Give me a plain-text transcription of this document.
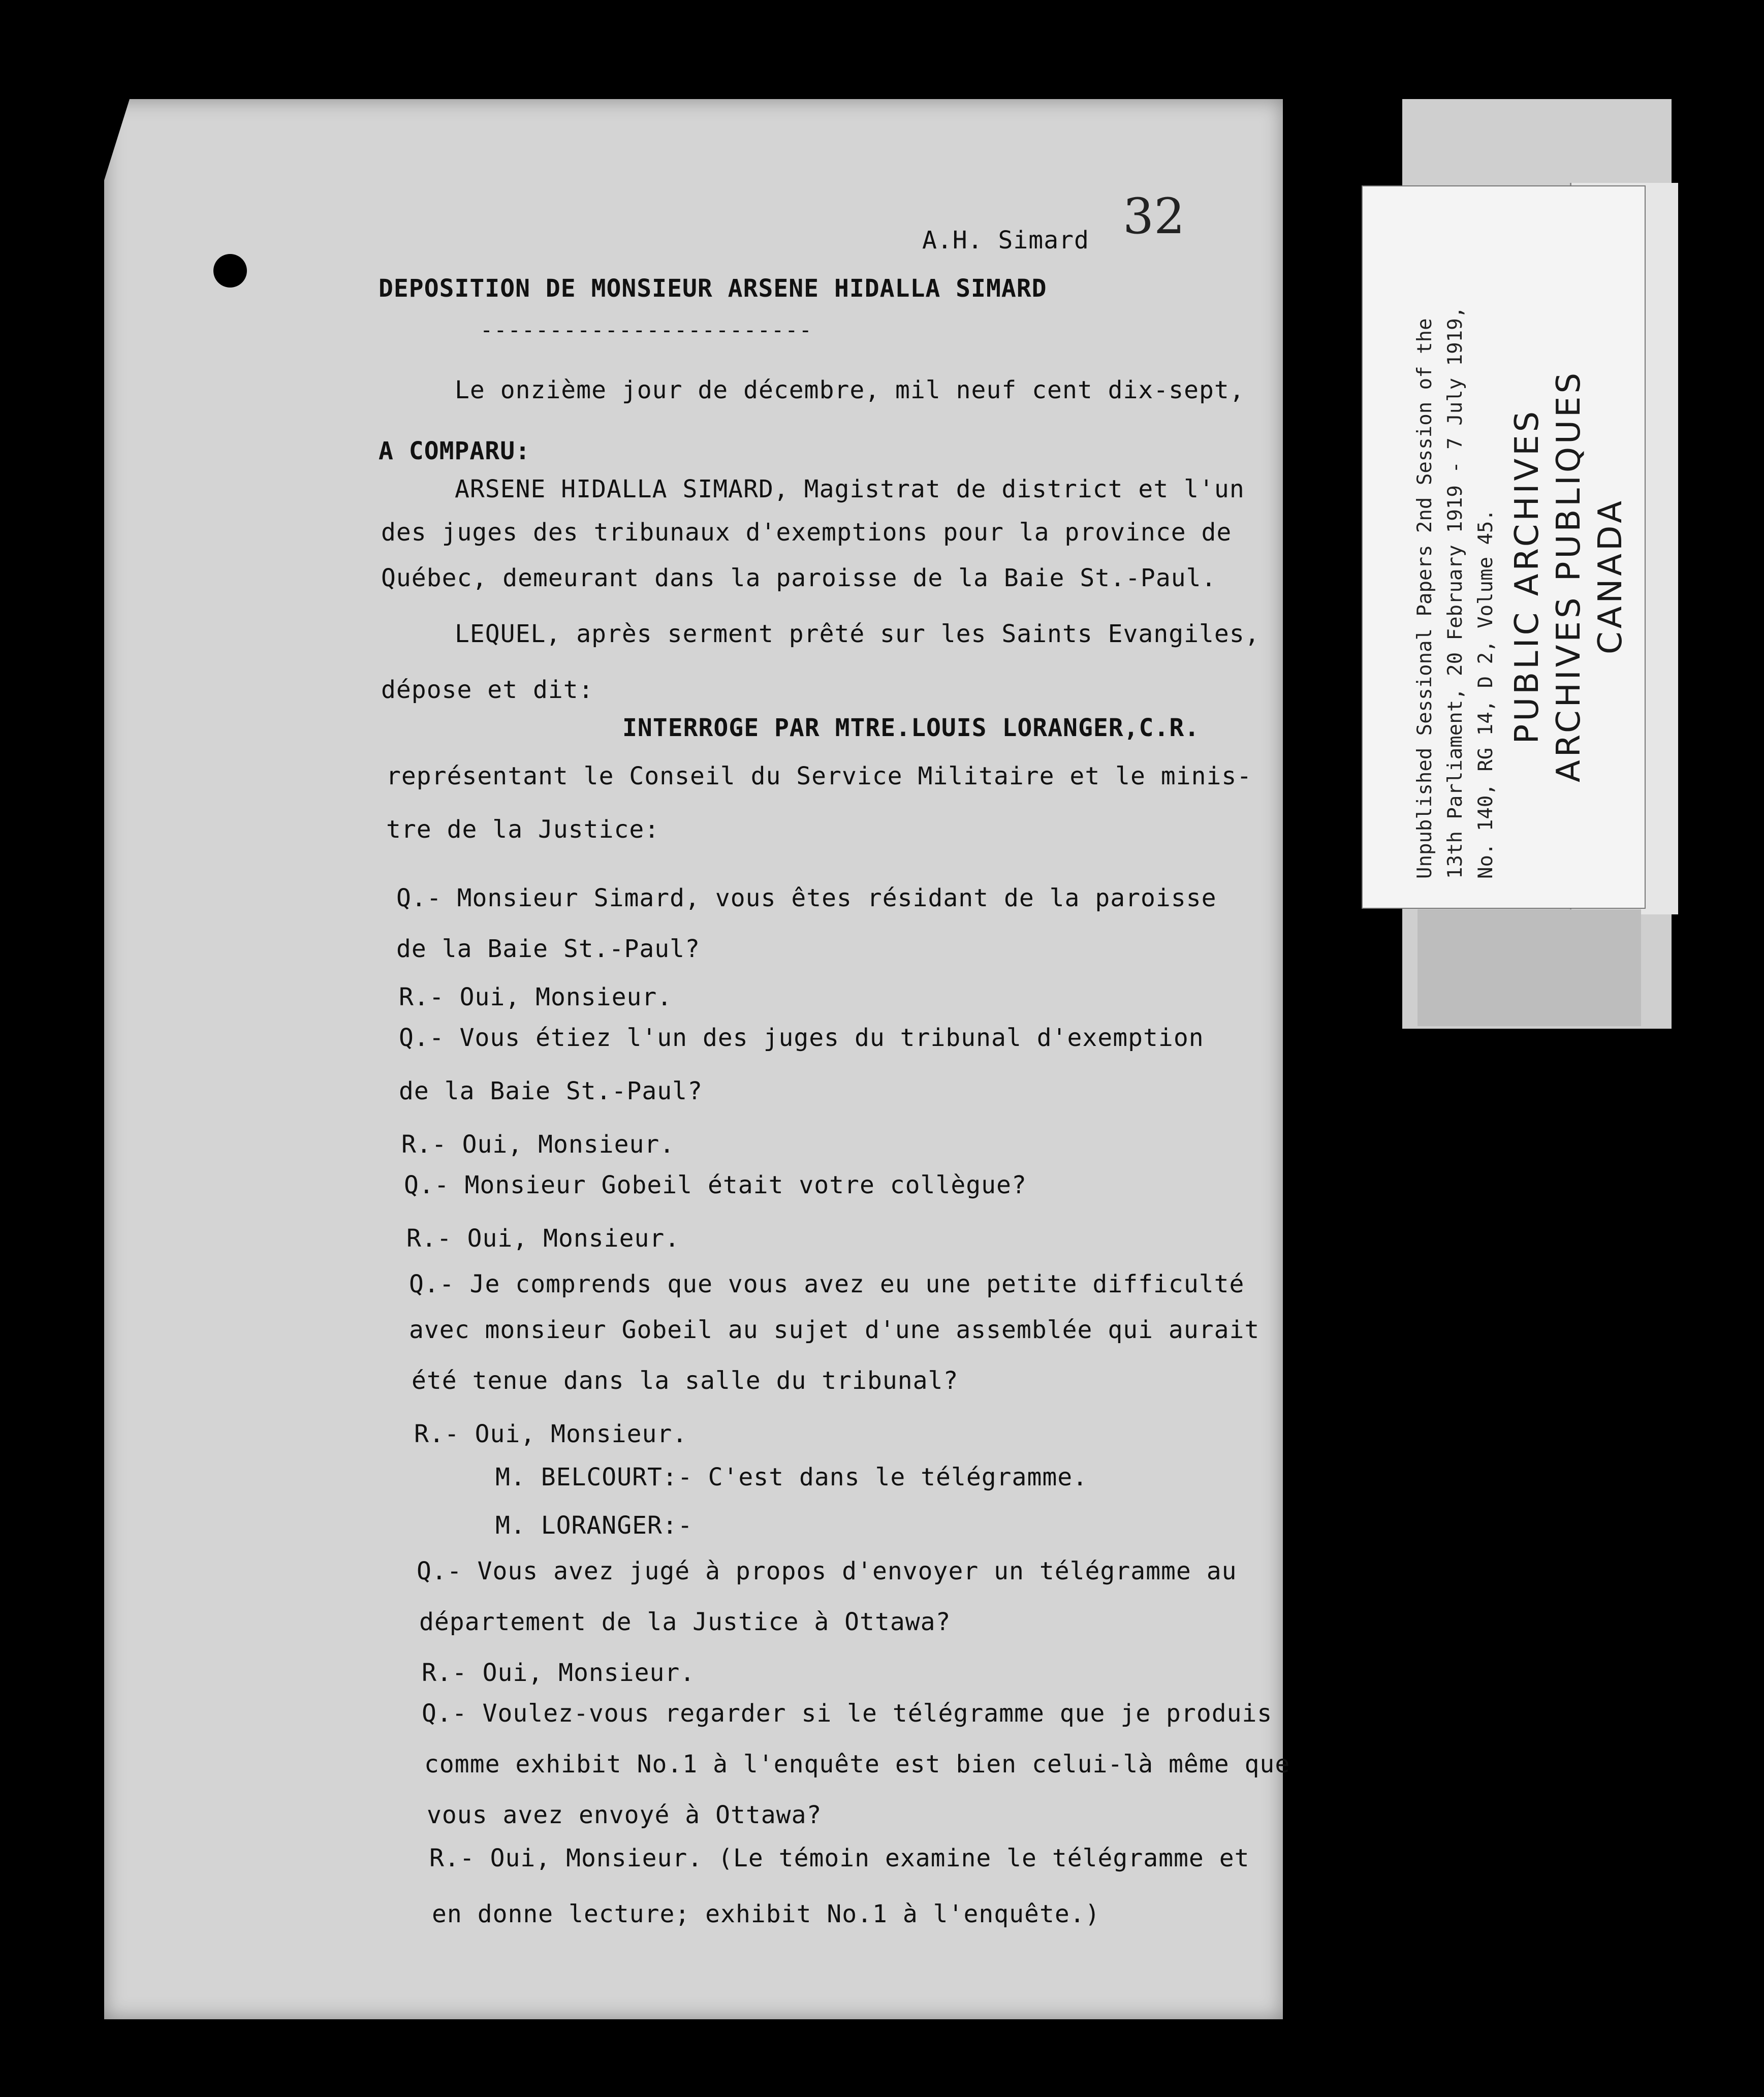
32
A.H. Simard
DEPOSITION DE MONSIEUR ARSENE HIDALLA SIMARD
------------------------
Le onzième jour de décembre, mil neuf cent dix-sept,
A COMPARU:
ARSENE HIDALLA SIMARD, Magistrat de district et l'un
des juges des tribunaux d'exemptions pour la province de
Québec, demeurant dans la paroisse de la Baie St.-Paul.
LEQUEL, après serment prêté sur les Saints Evangiles,
dépose et dit:
INTERROGE PAR MTRE.LOUIS LORANGER,C.R.
représentant le Conseil du Service Militaire et le minis-
tre de la Justice:
Q.- Monsieur Simard, vous êtes résidant de la paroisse
de la Baie St.-Paul?
R.- Oui, Monsieur.
Q.- Vous étiez l'un des juges du tribunal d'exemption
de la Baie St.-Paul?
R.- Oui, Monsieur.
Q.- Monsieur Gobeil était votre collègue?
R.- Oui, Monsieur.
Q.- Je comprends que vous avez eu une petite difficulté
avec monsieur Gobeil au sujet d'une assemblée qui aurait
été tenue dans la salle du tribunal?
R.- Oui, Monsieur.
M. BELCOURT:- C'est dans le télégramme.
M. LORANGER:-
Q.- Vous avez jugé à propos d'envoyer un télégramme au
département de la Justice à Ottawa?
R.- Oui, Monsieur.
Q.- Voulez-vous regarder si le télégramme que je produis
comme exhibit No.1 à l'enquête est bien celui-là même que
vous avez envoyé à Ottawa?
R.- Oui, Monsieur. (Le témoin examine le télégramme et
en donne lecture; exhibit No.1 à l'enquête.)
Unpublished Sessional Papers 2nd Session of the 13th Parliament, 20 February 1919 - 7 July 1919, No. 140, RG 14, D 2, Volume 45. PUBLIC ARCHIVES ARCHIVES PUBLIQUES CANADA
